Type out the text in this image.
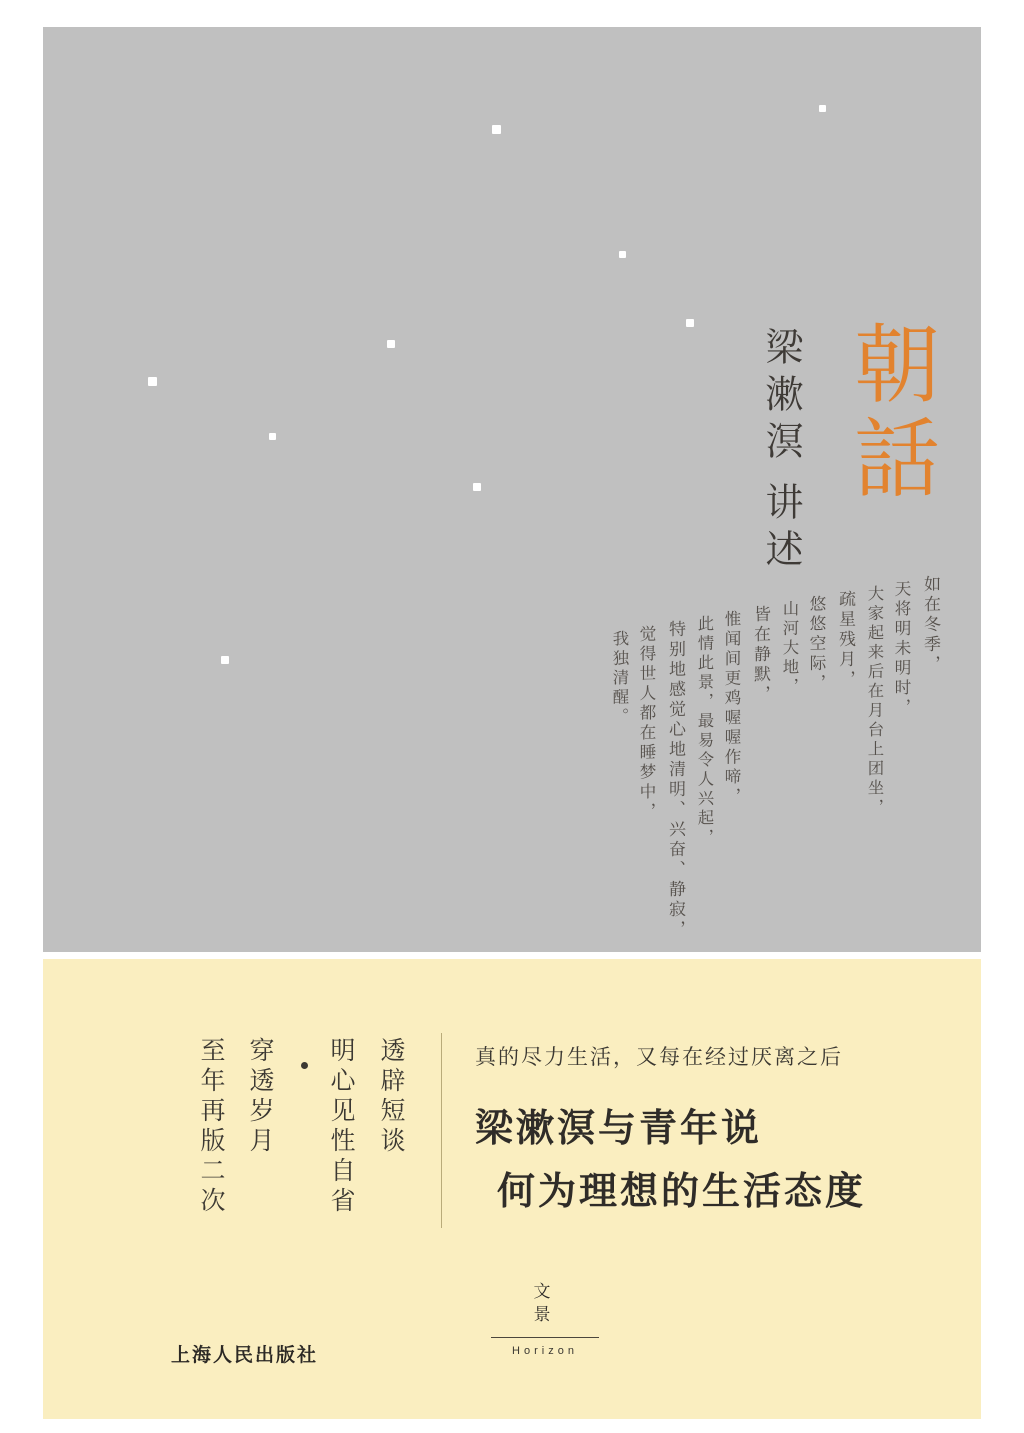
朝話
梁漱溟
讲述
如在冬季，
天将明未明时，
大家起来后在月台上团坐，
疏星残月，
悠悠空际，
山河大地，
皆在静默，
惟闻间更鸡喔喔作啼，
此情此景，最易令人兴起，
特别地感觉心地清明、兴奋、静寂，
觉得世人都在睡梦中，
我独清醒。
真的尽力生活，又每在经过厌离之后
梁漱溟与青年说
何为理想的生活态度
透辟短谈
明心见性自省
穿透岁月
至年再版二次
文
景
Horizon
上海人民出版社
